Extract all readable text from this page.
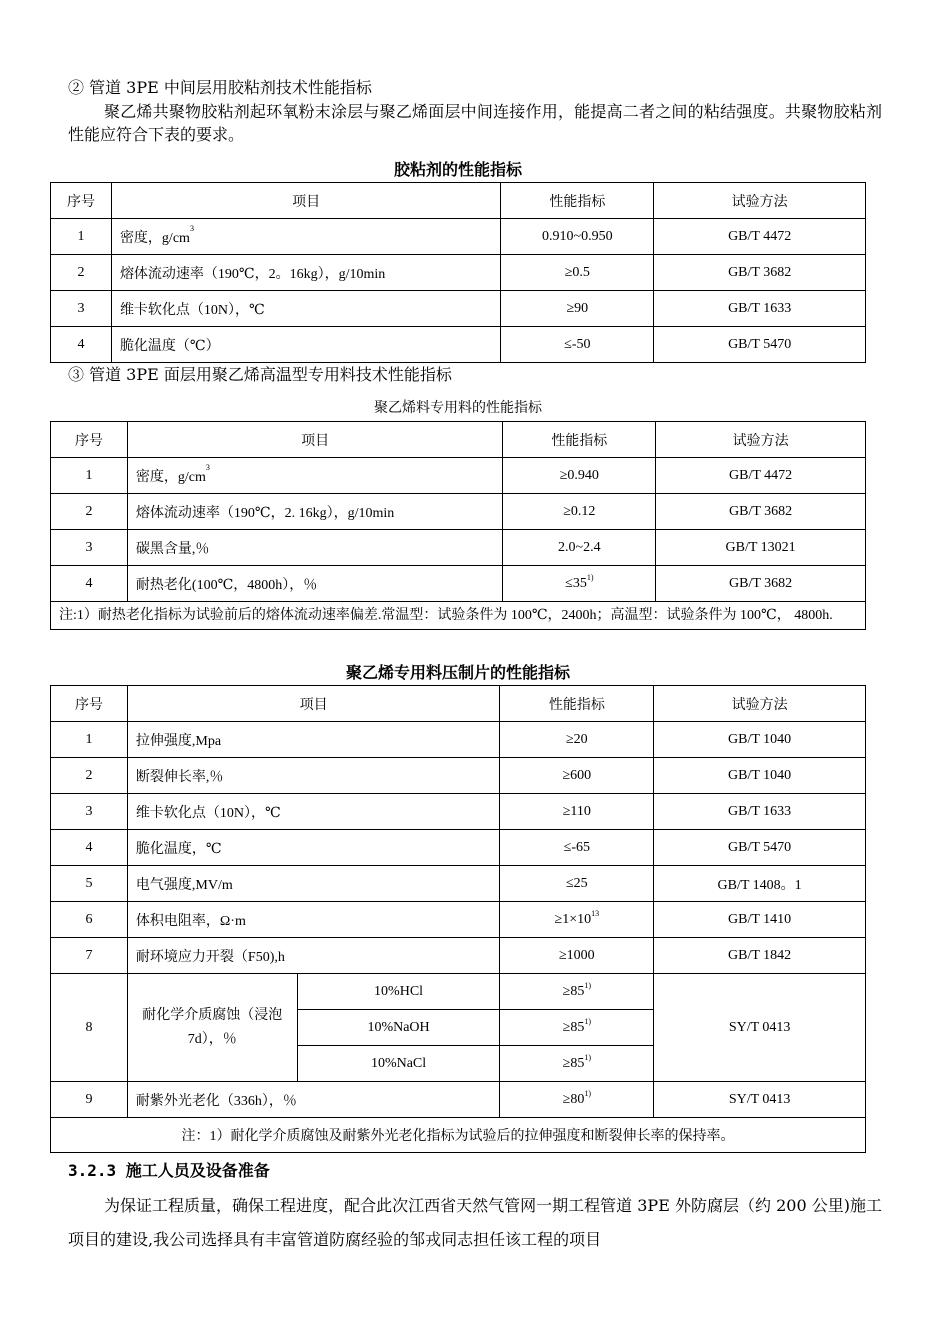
② 管道 3PE 中间层用胶粘剂技术性能指标
聚乙烯共聚物胶粘剂起环氧粉末涂层与聚乙烯面层中间连接作用，能提高二者之间的粘结强度。共聚物胶粘剂性能应符合下表的要求。
胶粘剂的性能指标
序号	项目	性能指标	试验方法
1	密度，$g/cm^3$	0.910~0.950	GB/T 4472
2	熔体流动速率（190℃，2。16kg），g/10min	≥0.5	GB/T 3682
3	维卡软化点（10N），℃	≥90	GB/T 1633
4	脆化温度（℃）	≤-50	GB/T 5470
③ 管道 3PE 面层用聚乙烯高温型专用料技术性能指标
聚乙烯料专用料的性能指标
序号	项目	性能指标	试验方法
1	密度，$g/cm^3$	≥0.940	GB/T 4472
2	熔体流动速率（190℃，2. 16kg），g/10min	≥0.12	GB/T 3682
3	碳黑含量,％	2.0~2.4	GB/T 13021
4	耐热老化(100℃，4800h），％	$\le 35^{1)}$	GB/T 3682
注:1）耐热老化指标为试验前后的熔体流动速率偏差.常温型：试验条件为 100℃，2400h；高温型：试验条件为 100℃， 4800h.			
聚乙烯专用料压制片的性能指标
序号	项目		性能指标	试验方法
1	拉伸强度,Mpa		≥20	GB/T 1040
2	断裂伸长率,％		≥600	GB/T 1040
3	维卡软化点（10N），℃		≥110	GB/T 1633
4	脆化温度，℃		≤-65	GB/T 5470
5	电气强度,MV/m		≤25	GB/T 1408。1
6	体积电阻率，Ω·m		$\ge 1\times 10^{13}$	GB/T 1410
7	耐环境应力开裂（F50),h		≥1000	GB/T 1842
8	耐化学介质腐蚀（浸泡 7d），％	10%HCl	$\ge 85^{1)}$	SY/T 0413
		10%NaOH	$\ge 85^{1)}$
		10%NaCl	$\ge 85^{1)}$
9	耐紫外光老化（336h），％		$\ge 80^{1)}$	SY/T 0413
注：1）耐化学介质腐蚀及耐紫外光老化指标为试验后的拉伸强度和断裂伸长率的保持率。				
3.2.3 施工人员及设备准备
为保证工程质量，确保工程进度，配合此次江西省天然气管网一期工程管道 3PE 外防腐层（约 200 公里)施工项目的建设,我公司选择具有丰富管道防腐经验的邹戎同志担任该工程的项目
